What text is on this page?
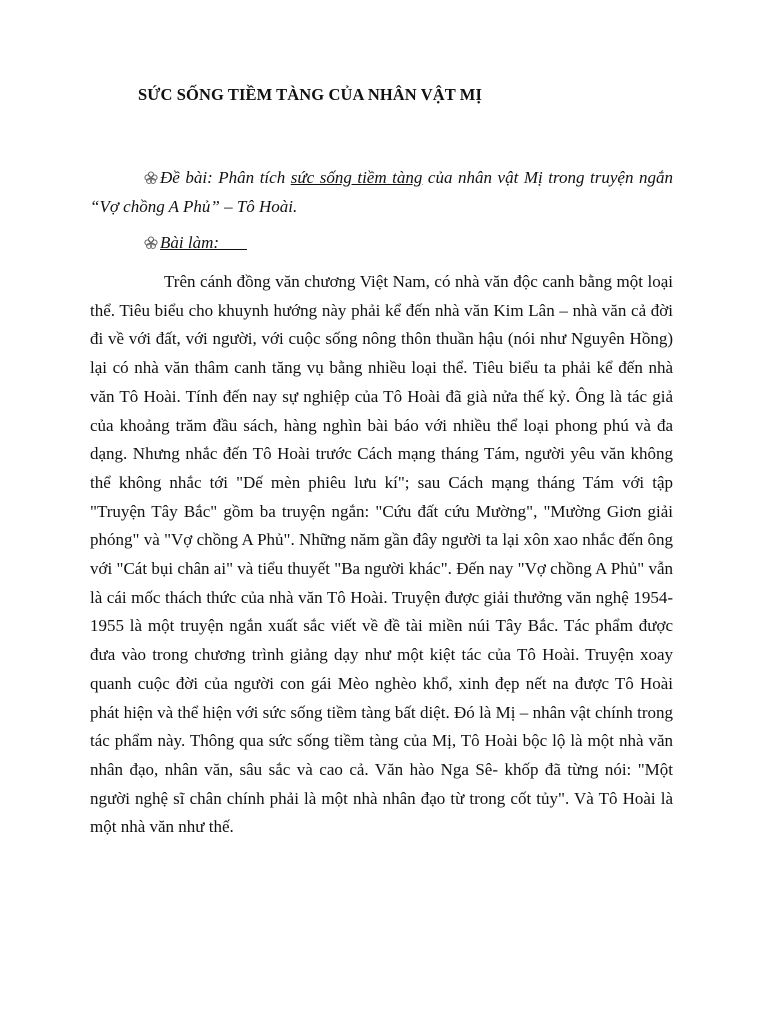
SỨC SỐNG TIỀM TÀNG CỦA NHÂN VẬT MỊ
Đề bài: Phân tích sức sống tiềm tàng của nhân vật Mị trong truyện ngắn “Vợ chồng A Phủ” – Tô Hoài.
Bài làm:

Trên cánh đồng văn chương Việt Nam, có nhà văn độc canh bằng một loại thể. Tiêu biểu cho khuynh hướng này phải kể đến nhà văn Kim Lân – nhà văn cả đời đi về với đất, với người, với cuộc sống nông thôn thuần hậu (nói như Nguyên Hồng) lại có nhà văn thâm canh tăng vụ bằng nhiều loại thể. Tiêu biểu ta phải kể đến nhà văn Tô Hoài. Tính đến nay sự nghiệp của Tô Hoài đã già nửa thế kỷ. Ông là tác giả của khoảng trăm đầu sách, hàng nghìn bài báo với nhiều thể loại phong phú và đa dạng. Nhưng nhắc đến Tô Hoài trước Cách mạng tháng Tám, người yêu văn không thể không nhắc tới "Dế mèn phiêu lưu kí"; sau Cách mạng tháng Tám với tập "Truyện Tây Bắc" gồm ba truyện ngắn: "Cứu đất cứu Mường", "Mường Giơn giải phóng" và "Vợ chồng A Phủ". Những năm gần đây người ta lại xôn xao nhắc đến ông với "Cát bụi chân ai" và tiểu thuyết "Ba người khác". Đến nay "Vợ chồng A Phủ" vẫn là cái mốc thách thức của nhà văn Tô Hoài. Truyện được giải thưởng văn nghệ 1954-1955 là một truyện ngắn xuất sắc viết về đề tài miền núi Tây Bắc. Tác phẩm được đưa vào trong chương trình giảng dạy như một kiệt tác của Tô Hoài. Truyện xoay quanh cuộc đời của người con gái Mèo nghèo khổ, xinh đẹp nết na được Tô Hoài phát hiện và thể hiện với sức sống tiềm tàng bất diệt. Đó là Mị – nhân vật chính trong tác phẩm này. Thông qua sức sống tiềm tàng của Mị, Tô Hoài bộc lộ là một nhà văn nhân đạo, nhân văn, sâu sắc và cao cả. Văn hào Nga Sê- khốp đã từng nói: "Một người nghệ sĩ chân chính phải là một nhà nhân đạo từ trong cốt tủy". Và Tô Hoài là một nhà văn như thế.
